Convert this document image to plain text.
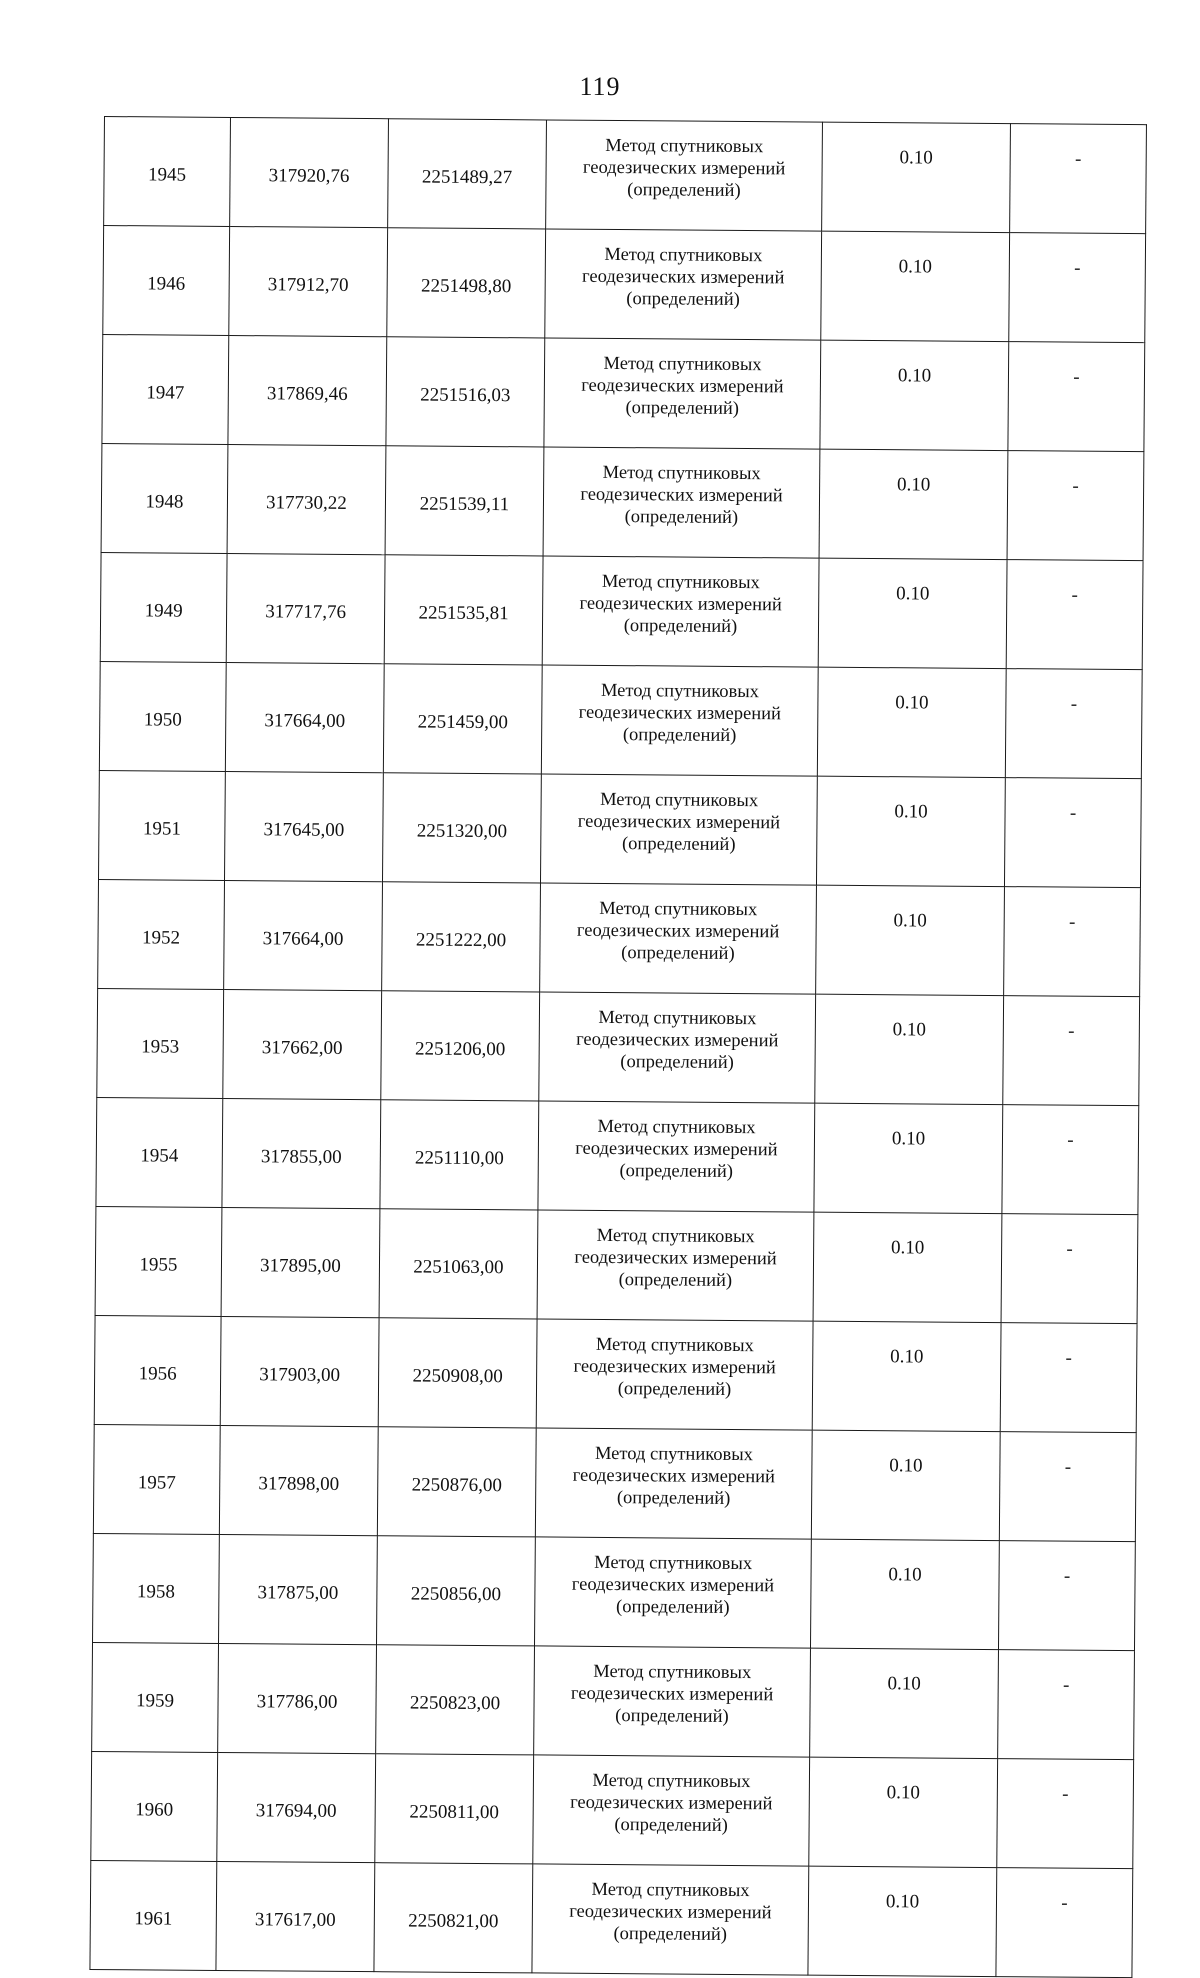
119
1945	317920,76	2251489,27	Метод спутниковых
геодезических измерений
(определений)	0.10	-
1946	317912,70	2251498,80	Метод спутниковых
геодезических измерений
(определений)	0.10	-
1947	317869,46	2251516,03	Метод спутниковых
геодезических измерений
(определений)	0.10	-
1948	317730,22	2251539,11	Метод спутниковых
геодезических измерений
(определений)	0.10	-
1949	317717,76	2251535,81	Метод спутниковых
геодезических измерений
(определений)	0.10	-
1950	317664,00	2251459,00	Метод спутниковых
геодезических измерений
(определений)	0.10	-
1951	317645,00	2251320,00	Метод спутниковых
геодезических измерений
(определений)	0.10	-
1952	317664,00	2251222,00	Метод спутниковых
геодезических измерений
(определений)	0.10	-
1953	317662,00	2251206,00	Метод спутниковых
геодезических измерений
(определений)	0.10	-
1954	317855,00	2251110,00	Метод спутниковых
геодезических измерений
(определений)	0.10	-
1955	317895,00	2251063,00	Метод спутниковых
геодезических измерений
(определений)	0.10	-
1956	317903,00	2250908,00	Метод спутниковых
геодезических измерений
(определений)	0.10	-
1957	317898,00	2250876,00	Метод спутниковых
геодезических измерений
(определений)	0.10	-
1958	317875,00	2250856,00	Метод спутниковых
геодезических измерений
(определений)	0.10	-
1959	317786,00	2250823,00	Метод спутниковых
геодезических измерений
(определений)	0.10	-
1960	317694,00	2250811,00	Метод спутниковых
геодезических измерений
(определений)	0.10	-
1961	317617,00	2250821,00	Метод спутниковых
геодезических измерений
(определений)	0.10	-
